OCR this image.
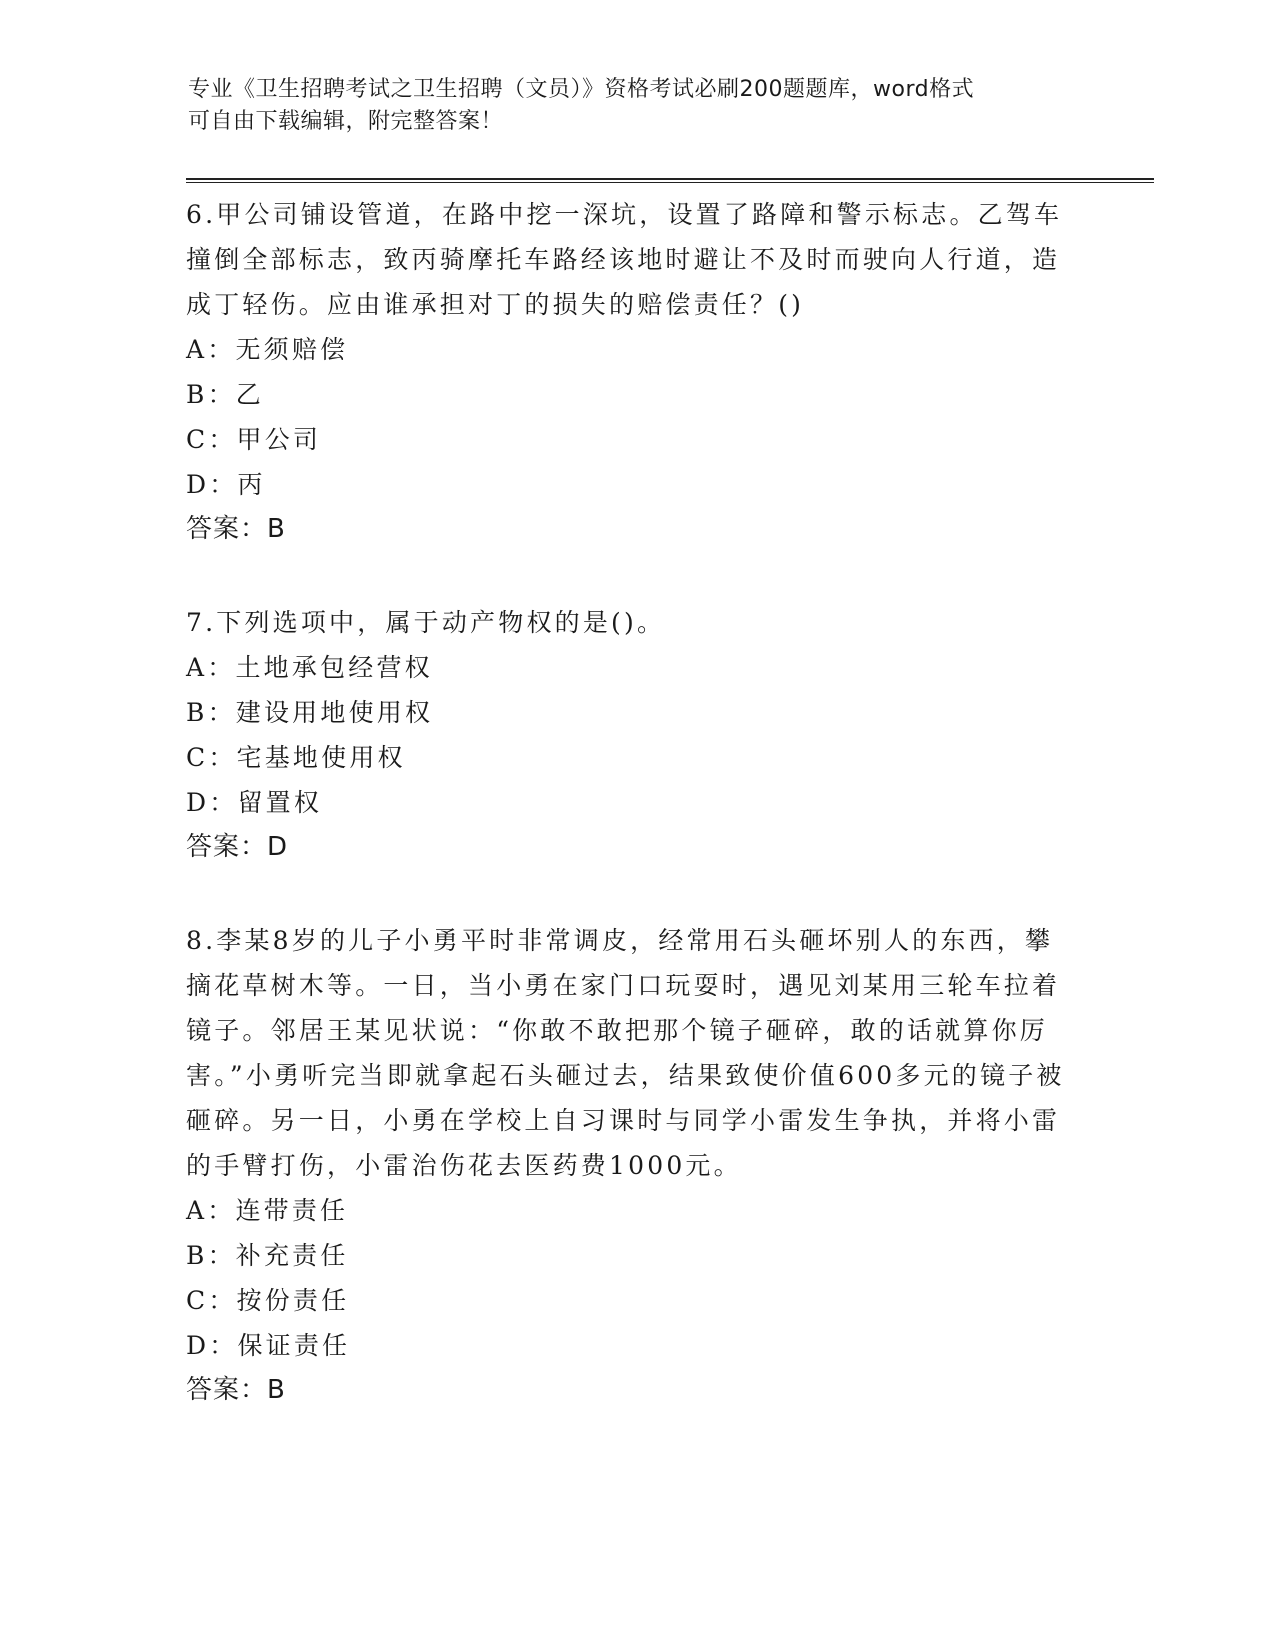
专业《卫生招聘考试之卫生招聘（文员）》资格考试必刷200题题库，word格式
可自由下载编辑，附完整答案！
6.甲公司铺设管道，在路中挖一深坑，设置了路障和警示标志。乙驾车撞倒全部标志，致丙骑摩托车路经该地时避让不及时而驶向人行道，造成丁轻伤。应由谁承担对丁的损失的赔偿责任？()
A：无须赔偿
B：乙
C：甲公司
D：丙
答案：B
7.下列选项中，属于动产物权的是()。
A：土地承包经营权
B：建设用地使用权
C：宅基地使用权
D：留置权
答案：D
8.李某8岁的儿子小勇平时非常调皮，经常用石头砸坏别人的东西，攀摘花草树木等。一日，当小勇在家门口玩耍时，遇见刘某用三轮车拉着镜子。邻居王某见状说：“你敢不敢把那个镜子砸碎，敢的话就算你厉害。”小勇听完当即就拿起石头砸过去，结果致使价值600多元的镜子被砸碎。另一日，小勇在学校上自习课时与同学小雷发生争执，并将小雷的手臂打伤，小雷治伤花去医药费1000元。
A：连带责任
B：补充责任
C：按份责任
D：保证责任
答案：B
